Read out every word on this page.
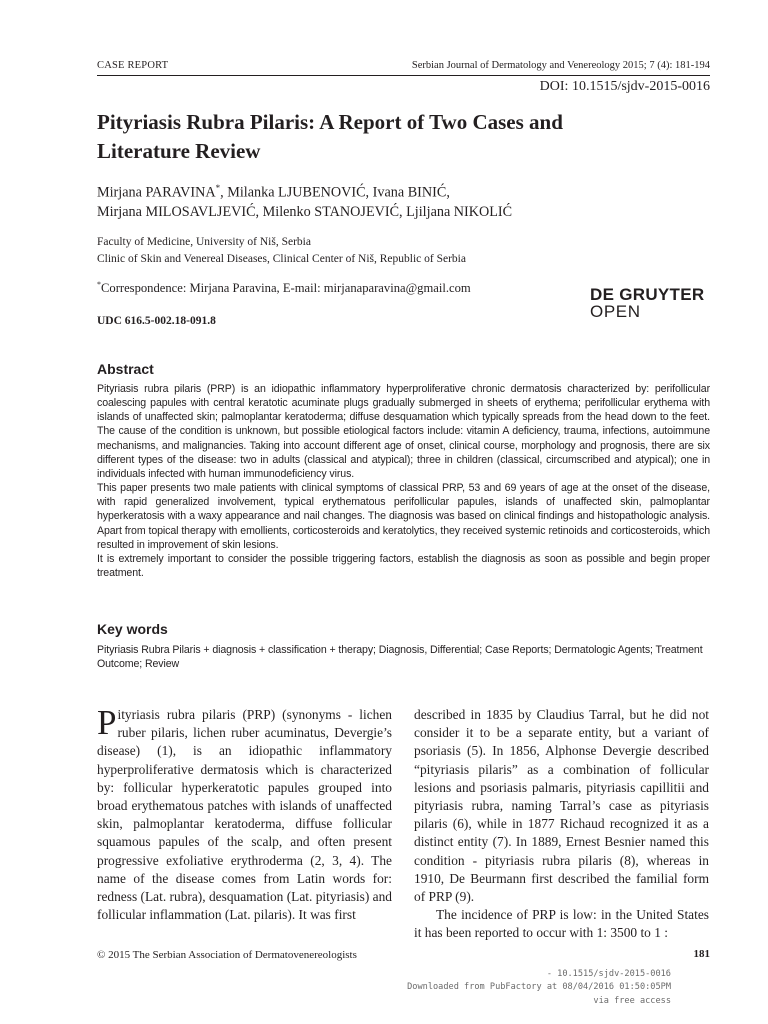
CASE REPORT	Serbian Journal of Dermatology and Venereology 2015; 7 (4): 181-194
DOI: 10.1515/sjdv-2015-0016
Pityriasis Rubra Pilaris: A Report of Two Cases and Literature Review
Mirjana PARAVINA*, Milanka LJUBENOVIĆ, Ivana BINIĆ,
Mirjana MILOSAVLJEVIĆ, Milenko STANOJEVIĆ, Ljiljana NIKOLIĆ
Faculty of Medicine, University of Niš, Serbia
Clinic of Skin and Venereal Diseases, Clinical Center of Niš, Republic of Serbia
*Correspondence: Mirjana Paravina, E-mail: mirjanaparavina@gmail.com
UDC 616.5-002.18-091.8
DE GRUYTER
OPEN
Abstract

Pityriasis rubra pilaris (PRP) is an idiopathic inflammatory hyperproliferative chronic dermatosis characterized by: perifollicular coalescing papules with central keratotic acuminate plugs gradually submerged in sheets of erythema; perifollicular erythema with islands of unaffected skin; palmoplantar keratoderma; diffuse desquamation which typically spreads from the head down to the feet. The cause of the condition is unknown, but possible etiological factors include: vitamin A deficiency, trauma, infections, autoimmune mechanisms, and malignancies. Taking into account different age of onset, clinical course, morphology and prognosis, there are six different types of the disease: two in adults (classical and atypical); three in children (classical, circumscribed and atypical); one in individuals infected with human immunodeficiency virus.

This paper presents two male patients with clinical symptoms of classical PRP, 53 and 69 years of age at the onset of the disease, with rapid generalized involvement, typical erythematous perifollicular papules, islands of unaffected skin, palmoplantar hyperkeratosis with a waxy appearance and nail changes. The diagnosis was based on clinical findings and histopathologic analysis. Apart from topical therapy with emollients, corticosteroids and keratolytics, they received systemic retinoids and corticosteroids, which resulted in improvement of skin lesions.

It is extremely important to consider the possible triggering factors, establish the diagnosis as soon as possible and begin proper treatment.

Key words
Pityriasis Rubra Pilaris + diagnosis + classification + therapy; Diagnosis, Differential; Case Reports; Dermatologic Agents; Treatment Outcome; Review

Pityriasis rubra pilaris (PRP) (synonyms - lichen ruber pilaris, lichen ruber acuminatus, Devergie’s disease) (1), is an idiopathic inflammatory hyperproliferative dermatosis which is characterized by: follicular hyperkeratotic papules grouped into broad erythematous patches with islands of unaffected skin, palmoplantar keratoderma, diffuse follicular squamous papules of the scalp, and often present progressive exfoliative erythroderma (2, 3, 4). The name of the disease comes from Latin words for: redness (Lat. rubra), desquamation (Lat. pityriasis) and follicular inflammation (Lat. pilaris). It was first

described in 1835 by Claudius Tarral, but he did not consider it to be a separate entity, but a variant of psoriasis (5). In 1856, Alphonse Devergie described “pityriasis pilaris” as a combination of follicular lesions and psoriasis palmaris, pityriasis capillitii and pityriasis rubra, naming Tarral’s case as pityriasis pilaris (6), while in 1877 Richaud recognized it as a distinct entity (7). In 1889, Ernest Besnier named this condition - pityriasis rubra pilaris (8), whereas in 1910, De Beurmann first described the familial form of PRP (9).

The incidence of PRP is low: in the United States it has been reported to occur with 1: 3500 to 1 :

© 2015 The Serbian Association of Dermatovenereologists	181
- 10.1515/sjdv-2015-0016
Downloaded from PubFactory at 08/04/2016 01:50:05PM
via free access
